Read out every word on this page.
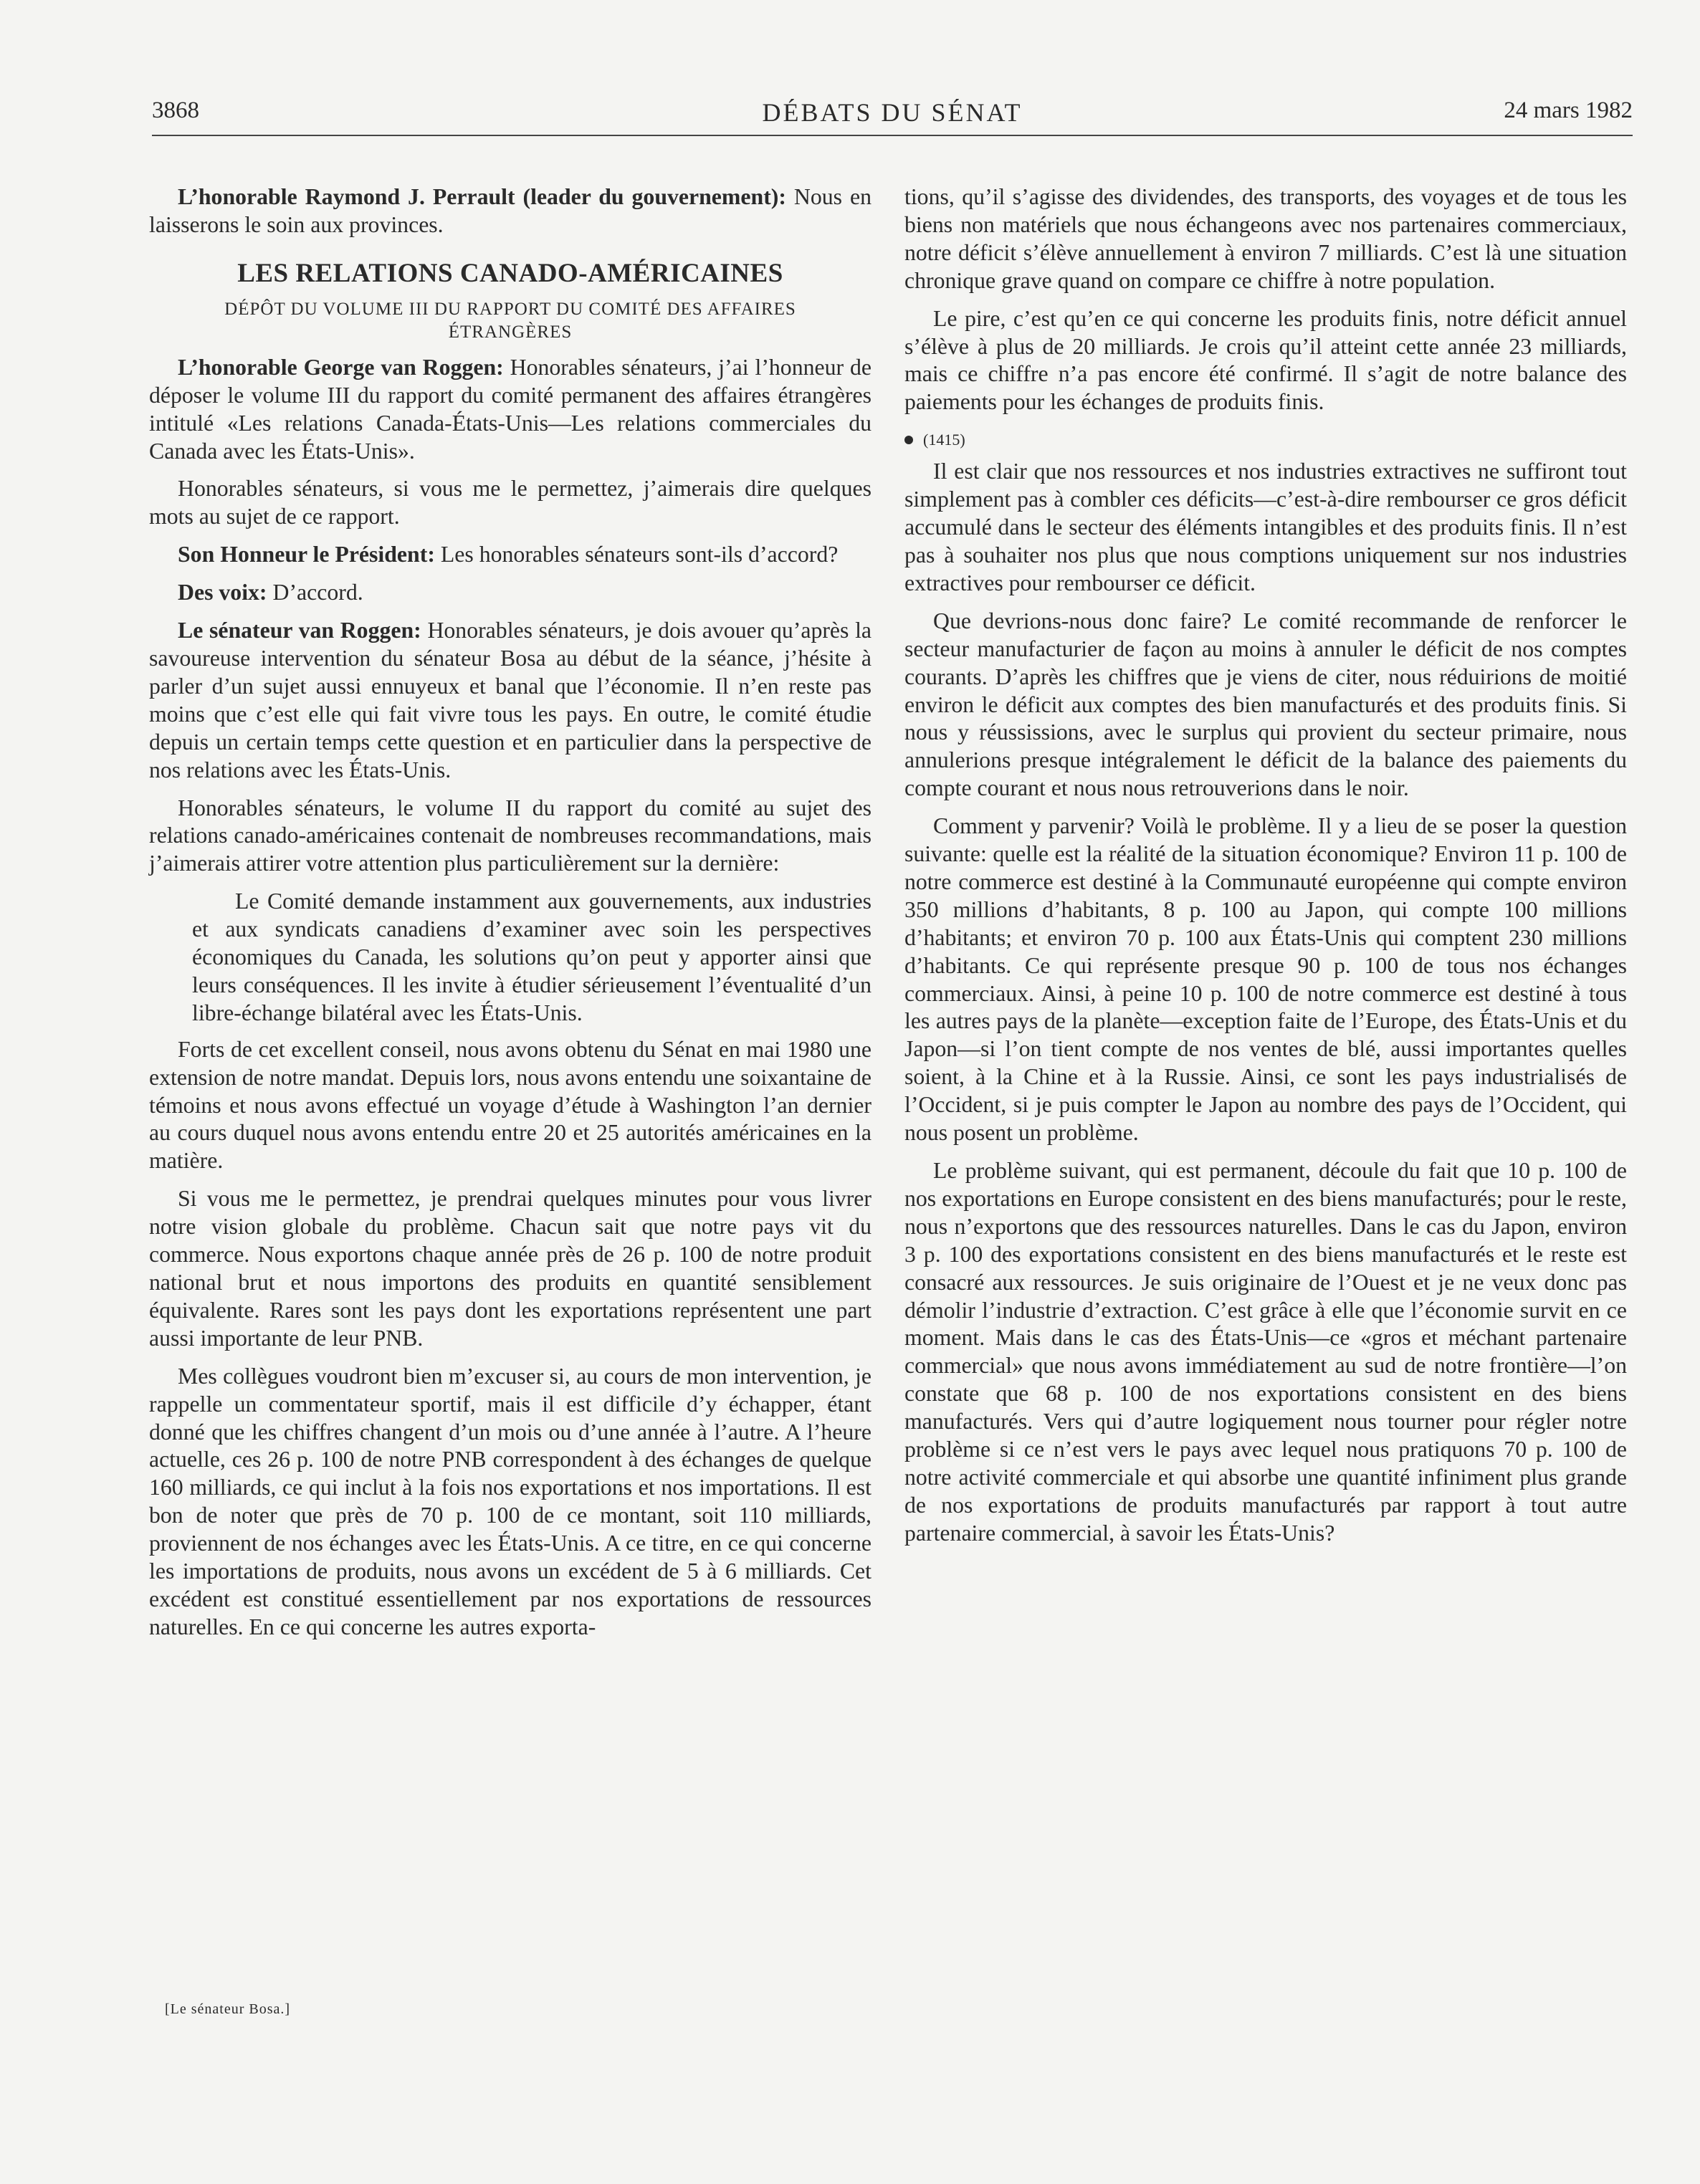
3868	DÉBATS DU SÉNAT	24 mars 1982

L’honorable Raymond J. Perrault (leader du gouvernement): Nous en laisserons le soin aux provinces.

LES RELATIONS CANADO-AMÉRICAINES
DÉPÔT DU VOLUME III DU RAPPORT DU COMITÉ DES AFFAIRES ÉTRANGÈRES

L’honorable George van Roggen: Honorables sénateurs, j’ai l’honneur de déposer le volume III du rapport du comité permanent des affaires étrangères intitulé «Les relations Canada-États-Unis—Les relations commerciales du Canada avec les États-Unis».

Honorables sénateurs, si vous me le permettez, j’aimerais dire quelques mots au sujet de ce rapport.

Son Honneur le Président: Les honorables sénateurs sont-ils d’accord?

Des voix: D’accord.

Le sénateur van Roggen: Honorables sénateurs, je dois avouer qu’après la savoureuse intervention du sénateur Bosa au début de la séance, j’hésite à parler d’un sujet aussi ennuyeux et banal que l’économie. Il n’en reste pas moins que c’est elle qui fait vivre tous les pays. En outre, le comité étudie depuis un certain temps cette question et en particulier dans la perspective de nos relations avec les États-Unis.

Honorables sénateurs, le volume II du rapport du comité au sujet des relations canado-américaines contenait de nombreuses recommandations, mais j’aimerais attirer votre attention plus particulièrement sur la dernière:

Le Comité demande instamment aux gouvernements, aux industries et aux syndicats canadiens d’examiner avec soin les perspectives économiques du Canada, les solutions qu’on peut y apporter ainsi que leurs conséquences. Il les invite à étudier sérieusement l’éventualité d’un libre-échange bilatéral avec les États-Unis.

Forts de cet excellent conseil, nous avons obtenu du Sénat en mai 1980 une extension de notre mandat. Depuis lors, nous avons entendu une soixantaine de témoins et nous avons effectué un voyage d’étude à Washington l’an dernier au cours duquel nous avons entendu entre 20 et 25 autorités américaines en la matière.

Si vous me le permettez, je prendrai quelques minutes pour vous livrer notre vision globale du problème. Chacun sait que notre pays vit du commerce. Nous exportons chaque année près de 26 p. 100 de notre produit national brut et nous importons des produits en quantité sensiblement équivalente. Rares sont les pays dont les exportations représentent une part aussi importante de leur PNB.

Mes collègues voudront bien m’excuser si, au cours de mon intervention, je rappelle un commentateur sportif, mais il est difficile d’y échapper, étant donné que les chiffres changent d’un mois ou d’une année à l’autre. A l’heure actuelle, ces 26 p. 100 de notre PNB correspondent à des échanges de quelque 160 milliards, ce qui inclut à la fois nos exportations et nos importations. Il est bon de noter que près de 70 p. 100 de ce montant, soit 110 milliards, proviennent de nos échanges avec les États-Unis. A ce titre, en ce qui concerne les importations de produits, nous avons un excédent de 5 à 6 milliards. Cet excédent est constitué essentiellement par nos exportations de ressources naturelles. En ce qui concerne les autres exporta-

[Le sénateur Bosa.]

tions, qu’il s’agisse des dividendes, des transports, des voyages et de tous les biens non matériels que nous échangeons avec nos partenaires commerciaux, notre déficit s’élève annuellement à environ 7 milliards. C’est là une situation chronique grave quand on compare ce chiffre à notre population.

Le pire, c’est qu’en ce qui concerne les produits finis, notre déficit annuel s’élève à plus de 20 milliards. Je crois qu’il atteint cette année 23 milliards, mais ce chiffre n’a pas encore été confirmé. Il s’agit de notre balance des paiements pour les échanges de produits finis.

(1415)

Il est clair que nos ressources et nos industries extractives ne suffiront tout simplement pas à combler ces déficits—c’est-à-dire rembourser ce gros déficit accumulé dans le secteur des éléments intangibles et des produits finis. Il n’est pas à souhaiter nos plus que nous comptions uniquement sur nos industries extractives pour rembourser ce déficit.

Que devrions-nous donc faire? Le comité recommande de renforcer le secteur manufacturier de façon au moins à annuler le déficit de nos comptes courants. D’après les chiffres que je viens de citer, nous réduirions de moitié environ le déficit aux comptes des bien manufacturés et des produits finis. Si nous y réussissions, avec le surplus qui provient du secteur primaire, nous annulerions presque intégralement le déficit de la balance des paiements du compte courant et nous nous retrouverions dans le noir.

Comment y parvenir? Voilà le problème. Il y a lieu de se poser la question suivante: quelle est la réalité de la situation économique? Environ 11 p. 100 de notre commerce est destiné à la Communauté européenne qui compte environ 350 millions d’habitants, 8 p. 100 au Japon, qui compte 100 millions d’habitants; et environ 70 p. 100 aux États-Unis qui comptent 230 millions d’habitants. Ce qui représente presque 90 p. 100 de tous nos échanges commerciaux. Ainsi, à peine 10 p. 100 de notre commerce est destiné à tous les autres pays de la planète—exception faite de l’Europe, des États-Unis et du Japon—si l’on tient compte de nos ventes de blé, aussi importantes quelles soient, à la Chine et à la Russie. Ainsi, ce sont les pays industrialisés de l’Occident, si je puis compter le Japon au nombre des pays de l’Occident, qui nous posent un problème.

Le problème suivant, qui est permanent, découle du fait que 10 p. 100 de nos exportations en Europe consistent en des biens manufacturés; pour le reste, nous n’exportons que des ressources naturelles. Dans le cas du Japon, environ 3 p. 100 des exportations consistent en des biens manufacturés et le reste est consacré aux ressources. Je suis originaire de l’Ouest et je ne veux donc pas démolir l’industrie d’extraction. C’est grâce à elle que l’économie survit en ce moment. Mais dans le cas des États-Unis—ce «gros et méchant partenaire commercial» que nous avons immédiatement au sud de notre frontière—l’on constate que 68 p. 100 de nos exportations consistent en des biens manufacturés. Vers qui d’autre logiquement nous tourner pour régler notre problème si ce n’est vers le pays avec lequel nous pratiquons 70 p. 100 de notre activité commerciale et qui absorbe une quantité infiniment plus grande de nos exportations de produits manufacturés par rapport à tout autre partenaire commercial, à savoir les États-Unis?
